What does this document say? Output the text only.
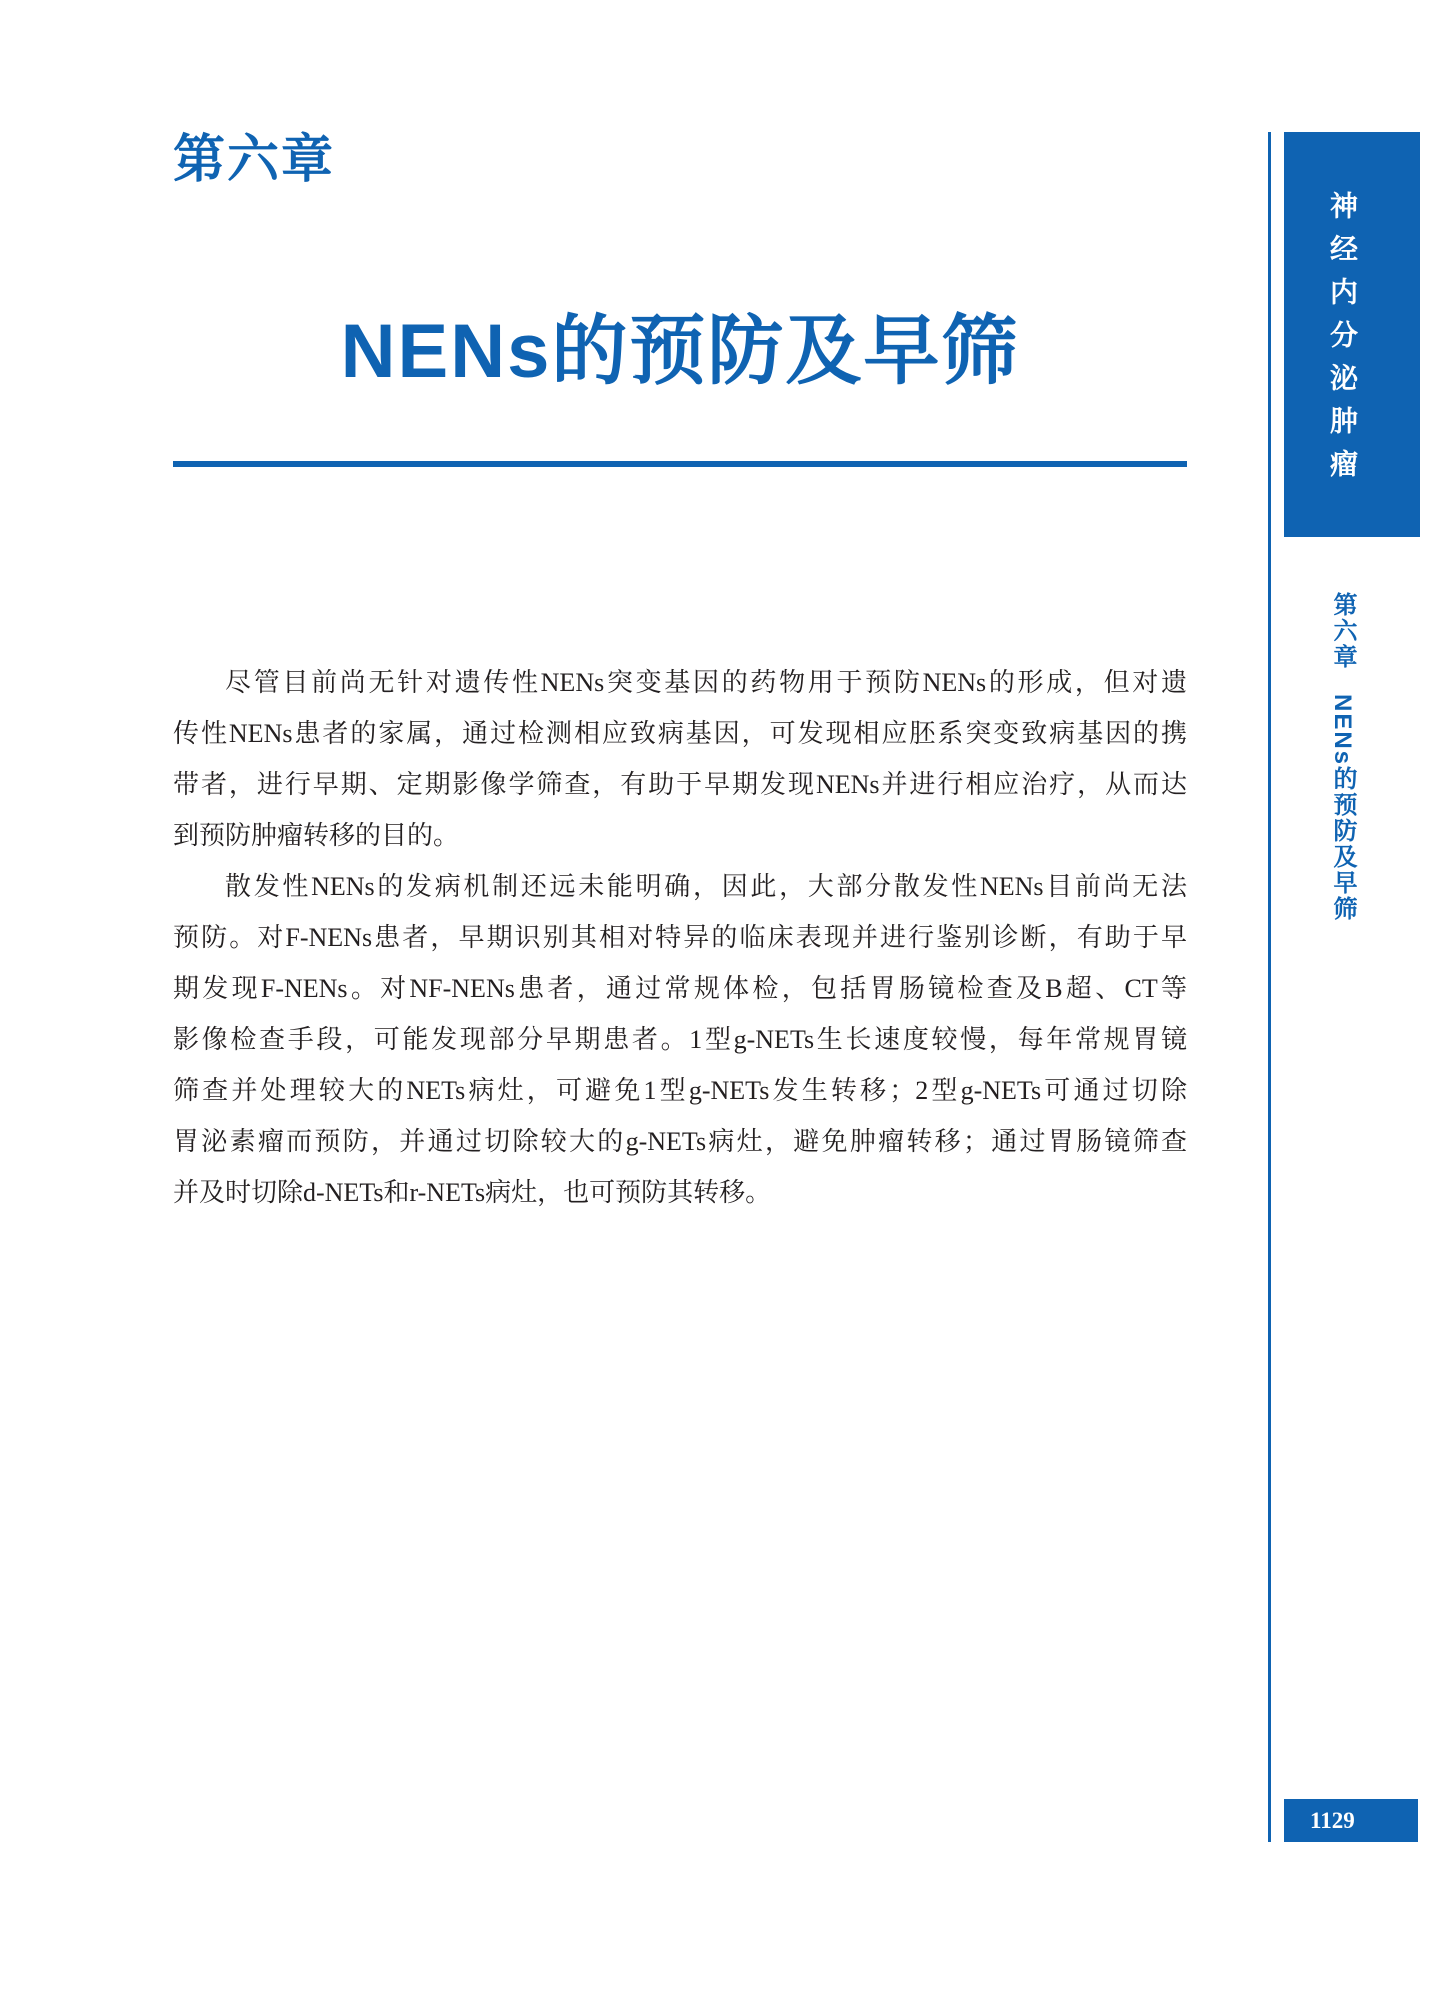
第六章
NENs的预防及早筛
尽管目前尚无针对遗传性NENs突变基因的药物用于预防NENs的形成，但对遗
传性NENs患者的家属，通过检测相应致病基因，可发现相应胚系突变致病基因的携
带者，进行早期、定期影像学筛查，有助于早期发现NENs并进行相应治疗，从而达
到预防肿瘤转移的目的。
散发性NENs的发病机制还远未能明确，因此，大部分散发性NENs目前尚无法
预防。对F-NENs患者，早期识别其相对特异的临床表现并进行鉴别诊断，有助于早
期发现F-NENs。对NF-NENs患者，通过常规体检，包括胃肠镜检查及B超、CT等
影像检查手段，可能发现部分早期患者。1型g-NETs生长速度较慢，每年常规胃镜
筛查并处理较大的NETs病灶，可避免1型g-NETs发生转移；2型g-NETs可通过切除
胃泌素瘤而预防，并通过切除较大的g-NETs病灶，避免肿瘤转移；通过胃肠镜筛查
并及时切除d-NETs和r-NETs病灶，也可预防其转移。
神经内分泌肿瘤
第六章
NENs的预防及早筛
1129
